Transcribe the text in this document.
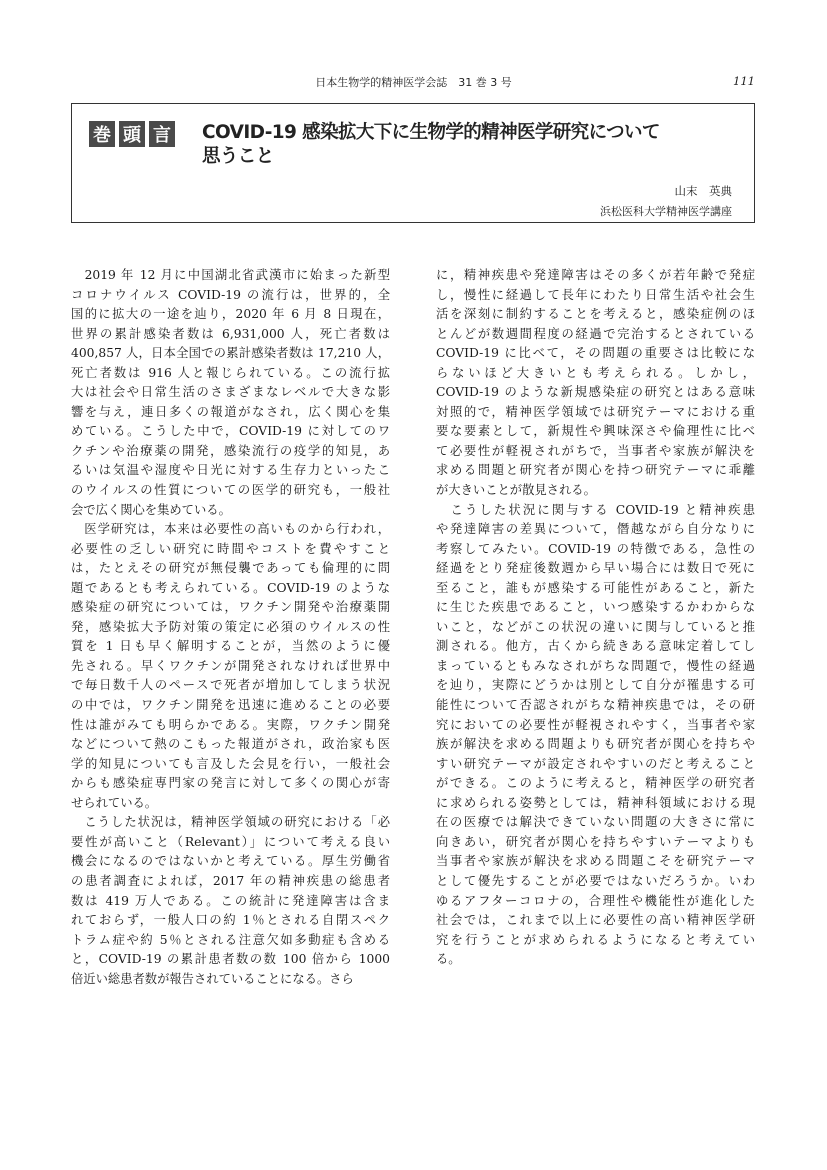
日本生物学的精神医学会誌　31 巻 3 号	111
巻 頭 言 COVID-19 感染拡大下に生物学的精神医学研究について
思うこと
山末　英典
浜松医科大学精神医学講座
　2019 年 12 月に中国湖北省武漢市に始まった新型
コロナウイルス COVID-19 の流行は，世界的，全
国的に拡大の一途を辿り，2020 年 6 月 8 日現在，
世界の累計感染者数は 6,931,000 人，死亡者数は
400,857 人，日本全国での累計感染者数は 17,210 人，
死亡者数は 916 人と報じられている。この流行拡
大は社会や日常生活のさまざまなレベルで大きな影
響を与え，連日多くの報道がなされ，広く関心を集
めている。こうした中で，COVID-19 に対してのワ
クチンや治療薬の開発，感染流行の疫学的知見，あ
るいは気温や湿度や日光に対する生存力といったこ
のウイルスの性質についての医学的研究も，一般社
会で広く関心を集めている。
　医学研究は，本来は必要性の高いものから行われ，
必要性の乏しい研究に時間やコストを費やすこと
は，たとえその研究が無侵襲であっても倫理的に問
題であるとも考えられている。COVID-19 のような
感染症の研究については，ワクチン開発や治療薬開
発，感染拡大予防対策の策定に必須のウイルスの性
質を 1 日も早く解明することが，当然のように優
先される。早くワクチンが開発されなければ世界中
で毎日数千人のペースで死者が増加してしまう状況
の中では，ワクチン開発を迅速に進めることの必要
性は誰がみても明らかである。実際，ワクチン開発
などについて熱のこもった報道がされ，政治家も医
学的知見についても言及した会見を行い，一般社会
からも感染症専門家の発言に対して多くの関心が寄
せられている。
　こうした状況は，精神医学領域の研究における「必
要性が高いこと（Relevant）」について考える良い
機会になるのではないかと考えている。厚生労働省
の患者調査によれば，2017 年の精神疾患の総患者
数は 419 万人である。この統計に発達障害は含ま
れておらず，一般人口の約 1％とされる自閉スペク
トラム症や約 5％とされる注意欠如多動症も含める
と，COVID-19 の累計患者数の数 100 倍から 1000
倍近い総患者数が報告されていることになる。さら
に，精神疾患や発達障害はその多くが若年齢で発症
し，慢性に経過して長年にわたり日常生活や社会生
活を深刻に制約することを考えると，感染症例のほ
とんどが数週間程度の経過で完治するとされている
COVID-19 に比べて，その問題の重要さは比較にな
らないほど大きいとも考えられる。しかし，
COVID-19 のような新規感染症の研究とはある意味
対照的で，精神医学領域では研究テーマにおける重
要な要素として，新規性や興味深さや倫理性に比べ
て必要性が軽視されがちで，当事者や家族が解決を
求める問題と研究者が関心を持つ研究テーマに乖離
が大きいことが散見される。
　こうした状況に関与する COVID-19 と精神疾患
や発達障害の差異について，僭越ながら自分なりに
考察してみたい。COVID-19 の特徴である，急性の
経過をとり発症後数週から早い場合には数日で死に
至ること，誰もが感染する可能性があること，新た
に生じた疾患であること，いつ感染するかわからな
いこと，などがこの状況の違いに関与していると推
測される。他方，古くから続きある意味定着してし
まっているともみなされがちな問題で，慢性の経過
を辿り，実際にどうかは別として自分が罹患する可
能性について否認されがちな精神疾患では，その研
究においての必要性が軽視されやすく，当事者や家
族が解決を求める問題よりも研究者が関心を持ちや
すい研究テーマが設定されやすいのだと考えること
ができる。このように考えると，精神医学の研究者
に求められる姿勢としては，精神科領域における現
在の医療では解決できていない問題の大きさに常に
向きあい，研究者が関心を持ちやすいテーマよりも
当事者や家族が解決を求める問題こそを研究テーマ
として優先することが必要ではないだろうか。いわ
ゆるアフターコロナの，合理性や機能性が進化した
社会では，これまで以上に必要性の高い精神医学研
究を行うことが求められるようになると考えてい
る。
